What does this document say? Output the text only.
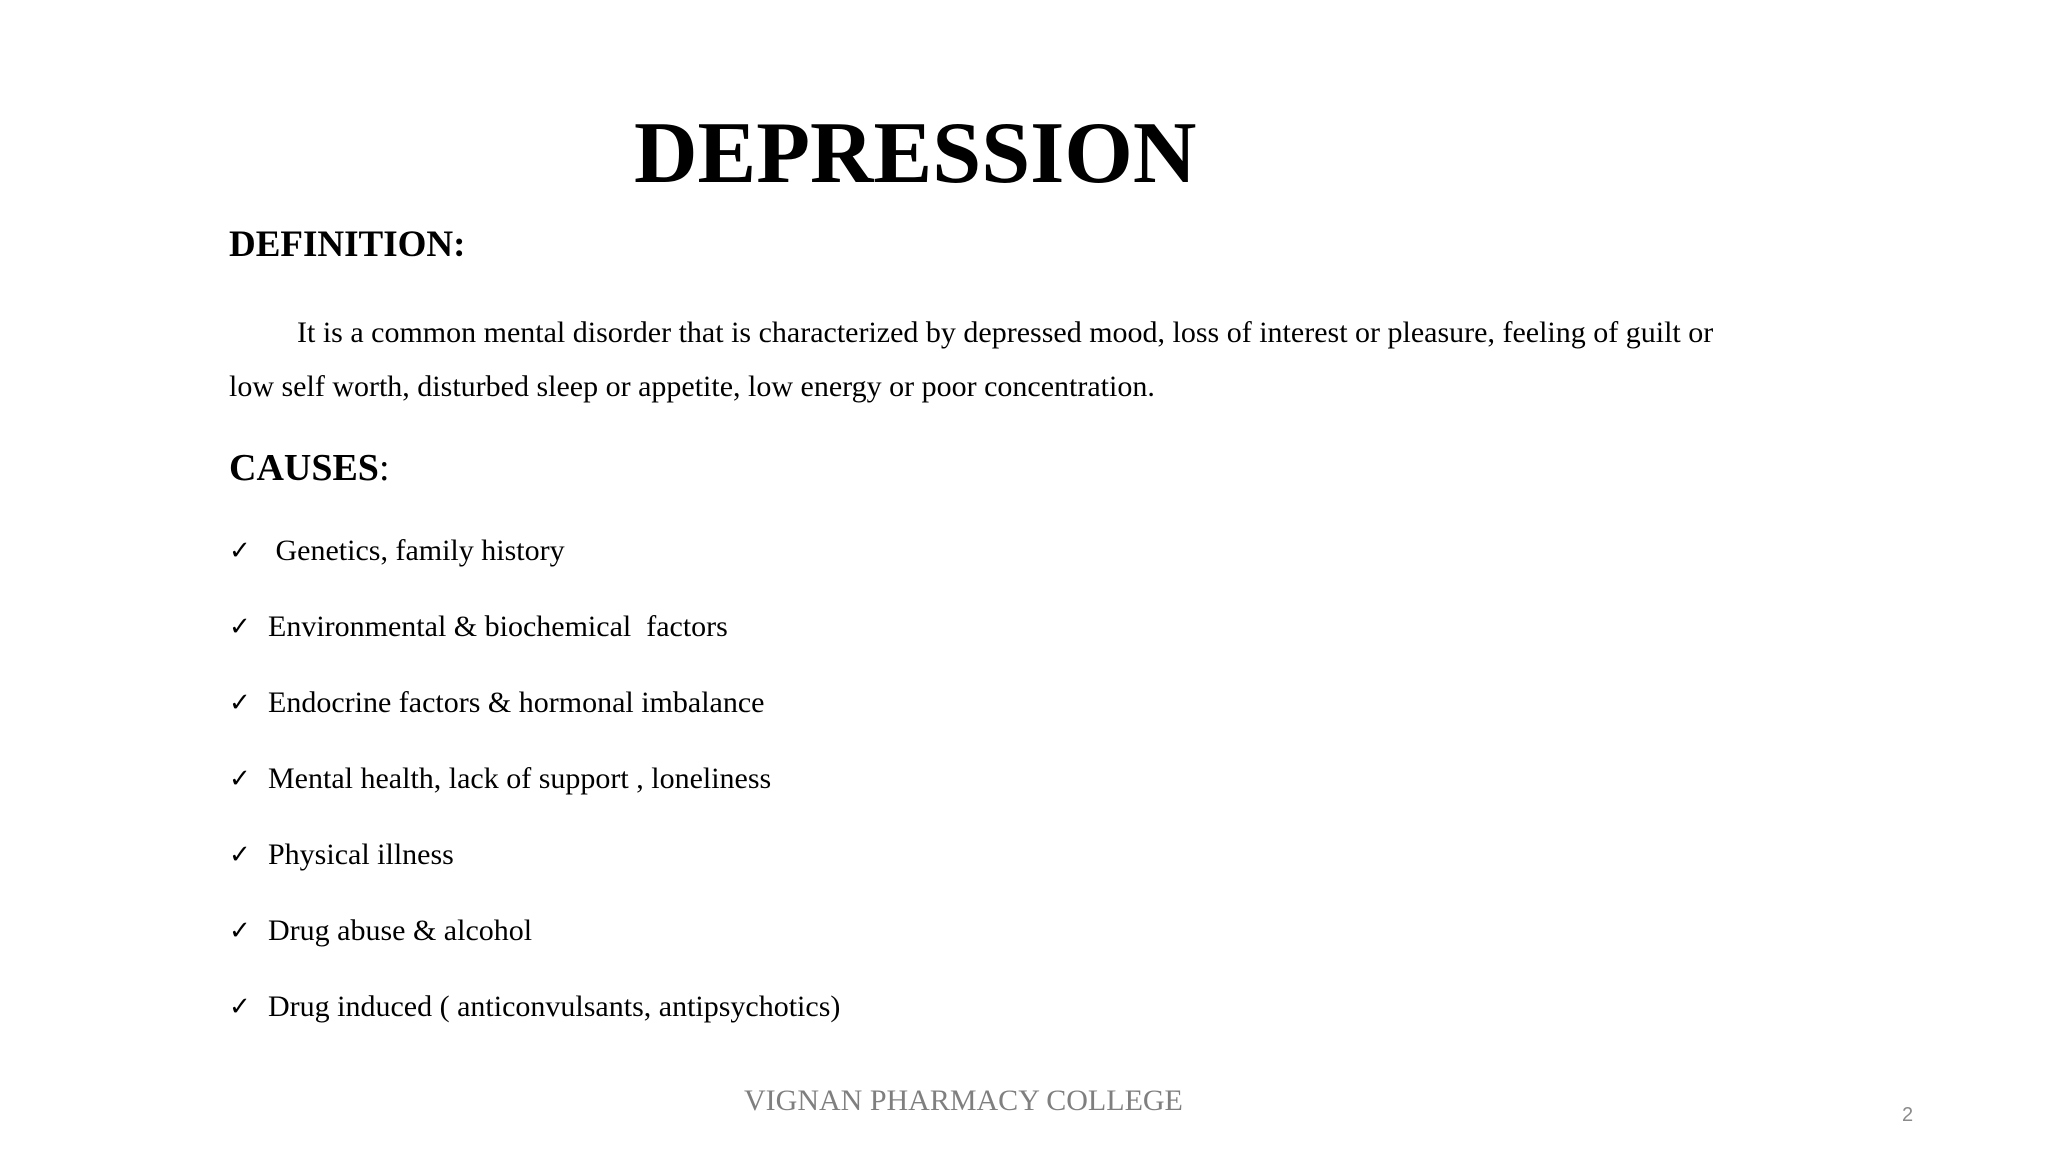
DEPRESSION
DEFINITION:
It is a common mental disorder that is characterized by depressed mood, loss of interest or pleasure, feeling of guilt or low self worth, disturbed sleep or appetite, low energy or poor concentration.
CAUSES:
✓ Genetics, family history
✓ Environmental & biochemical  factors
✓ Endocrine factors & hormonal imbalance
✓ Mental health, lack of support , loneliness
✓ Physical illness
✓ Drug abuse & alcohol
✓ Drug induced ( anticonvulsants, antipsychotics)
VIGNAN PHARMACY COLLEGE	2
